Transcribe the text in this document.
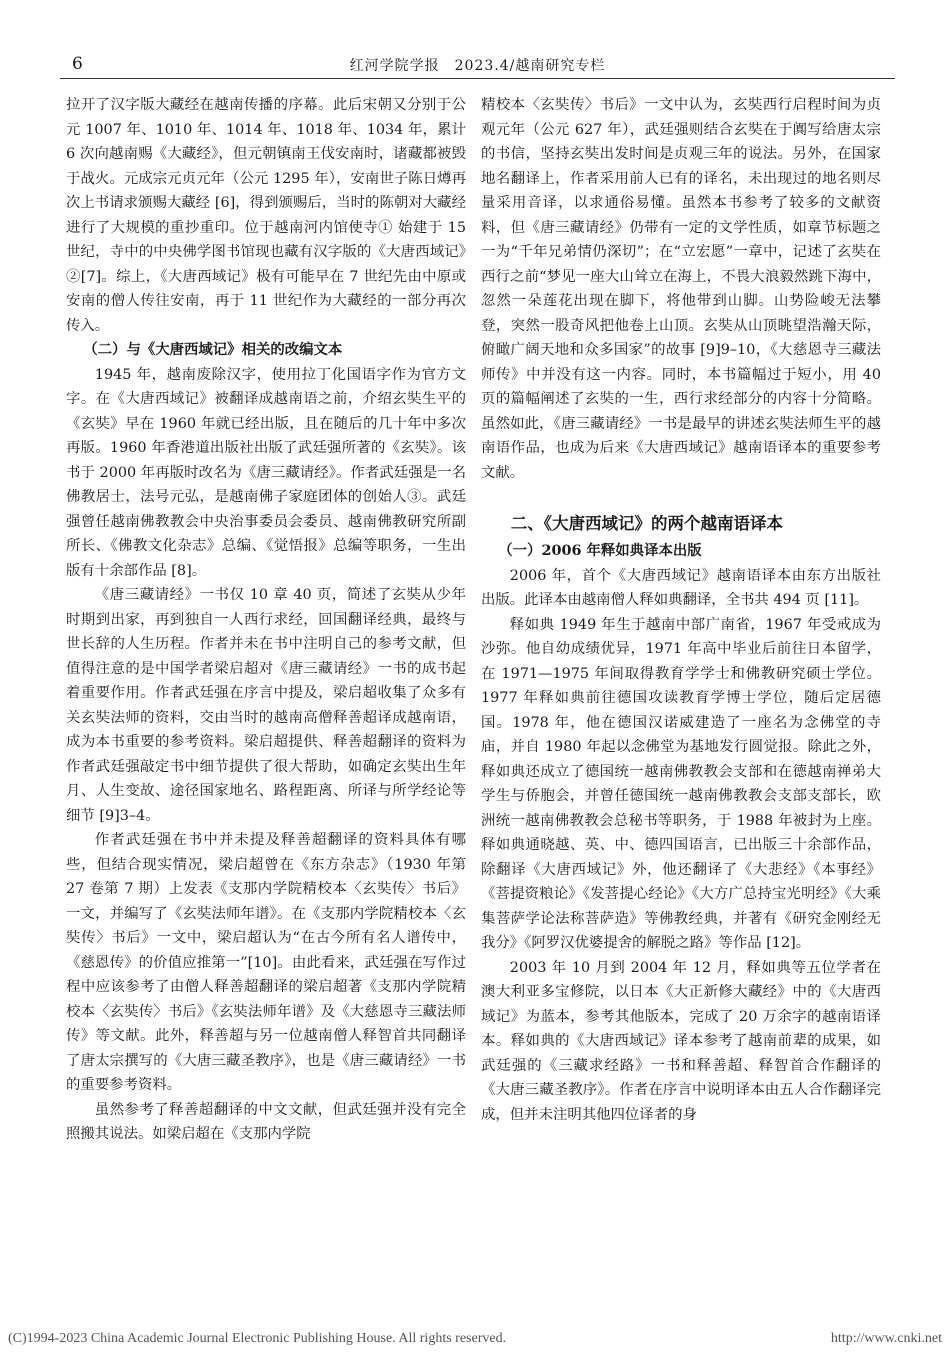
6	红河学院学报　2023.4/越南研究专栏

拉开了汉字版大藏经在越南传播的序幕。此后宋朝又分别于公元 1007 年、1010 年、1014 年、1018 年、1034 年，累计 6 次向越南赐《大藏经》，但元朝镇南王伐安南时，诸藏都被毁于战火。元成宗元贞元年（公元 1295 年），安南世子陈日燇再次上书请求颁赐大藏经 [6]，得到颁赐后，当时的陈朝对大藏经进行了大规模的重抄重印。位于越南河内馆使寺① 始建于 15 世纪，寺中的中央佛学图书馆现也藏有汉字版的《大唐西域记》②[7]。综上，《大唐西域记》极有可能早在 7 世纪先由中原或安南的僧人传往安南，再于 11 世纪作为大藏经的一部分再次传入。

（二）与《大唐西域记》相关的改编文本

1945 年，越南废除汉字，使用拉丁化国语字作为官方文字。在《大唐西域记》被翻译成越南语之前，介绍玄奘生平的《玄奘》早在 1960 年就已经出版，且在随后的几十年中多次再版。1960 年香港道出版社出版了武廷强所著的《玄奘》。该书于 2000 年再版时改名为《唐三藏请经》。作者武廷强是一名佛教居士，法号元弘，是越南佛子家庭团体的创始人③。武廷强曾任越南佛教教会中央治事委员会委员、越南佛教研究所副所长、《佛教文化杂志》总编、《觉悟报》总编等职务，一生出版有十余部作品 [8]。

《唐三藏请经》一书仅 10 章 40 页，简述了玄奘从少年时期到出家，再到独自一人西行求经，回国翻译经典，最终与世长辞的人生历程。作者并未在书中注明自己的参考文献，但值得注意的是中国学者梁启超对《唐三藏请经》一书的成书起着重要作用。作者武廷强在序言中提及，梁启超收集了众多有关玄奘法师的资料，交由当时的越南高僧释善超译成越南语，成为本书重要的参考资料。梁启超提供、释善超翻译的资料为作者武廷强敲定书中细节提供了很大帮助，如确定玄奘出生年月、人生变故、途径国家地名、路程距离、所译与所学经论等细节 [9]3–4。

作者武廷强在书中并未提及释善超翻译的资料具体有哪些，但结合现实情况，梁启超曾在《东方杂志》（1930 年第 27 卷第 7 期）上发表《支那内学院精校本〈玄奘传〉书后》一文，并编写了《玄奘法师年谱》。在《支那内学院精校本〈玄奘传〉书后》一文中，梁启超认为“在古今所有名人谱传中，《慈恩传》的价值应推第一”[10]。由此看来，武廷强在写作过程中应该参考了由僧人释善超翻译的梁启超著《支那内学院精校本〈玄奘传〉书后》《玄奘法师年谱》及《大慈恩寺三藏法师传》等文献。此外，释善超与另一位越南僧人释智首共同翻译了唐太宗撰写的《大唐三藏圣教序》，也是《唐三藏请经》一书的重要参考资料。

虽然参考了释善超翻译的中文文献，但武廷强并没有完全照搬其说法。如梁启超在《支那内学院

精校本〈玄奘传〉书后》一文中认为，玄奘西行启程时间为贞观元年（公元 627 年），武廷强则结合玄奘在于阗写给唐太宗的书信，坚持玄奘出发时间是贞观三年的说法。另外，在国家地名翻译上，作者采用前人已有的译名，未出现过的地名则尽量采用音译，以求通俗易懂。虽然本书参考了较多的文献资料，但《唐三藏请经》仍带有一定的文学性质，如章节标题之一为“千年兄弟情仍深切”；在“立宏愿”一章中，记述了玄奘在西行之前“梦见一座大山耸立在海上，不畏大浪毅然跳下海中，忽然一朵莲花出现在脚下，将他带到山脚。山势险峻无法攀登，突然一股奇风把他卷上山顶。玄奘从山顶眺望浩瀚天际，俯瞰广阔天地和众多国家”的故事 [9]9–10，《大慈恩寺三藏法师传》中并没有这一内容。同时，本书篇幅过于短小，用 40 页的篇幅阐述了玄奘的一生，西行求经部分的内容十分简略。虽然如此，《唐三藏请经》一书是最早的讲述玄奘法师生平的越南语作品，也成为后来《大唐西域记》越南语译本的重要参考文献。

二、《大唐西域记》的两个越南语译本
（一）2006 年释如典译本出版

2006 年，首个《大唐西域记》越南语译本由东方出版社出版。此译本由越南僧人释如典翻译，全书共 494 页 [11]。

释如典 1949 年生于越南中部广南省，1967 年受戒成为沙弥。他自幼成绩优异，1971 年高中毕业后前往日本留学，在 1971—1975 年间取得教育学学士和佛教研究硕士学位。1977 年释如典前往德国攻读教育学博士学位，随后定居德国。1978 年，他在德国汉诺威建造了一座名为念佛堂的寺庙，并自 1980 年起以念佛堂为基地发行圆觉报。除此之外，释如典还成立了德国统一越南佛教教会支部和在德越南禅弟大学生与侨胞会，并曾任德国统一越南佛教教会支部支部长，欧洲统一越南佛教教会总秘书等职务，于 1988 年被封为上座。释如典通晓越、英、中、德四国语言，已出版三十余部作品，除翻译《大唐西域记》外，他还翻译了《大悲经》《本事经》《菩提资粮论》《发菩提心经论》《大方广总持宝光明经》《大乘集菩萨学论法称菩萨造》等佛教经典，并著有《研究金刚经无我分》《阿罗汉优婆提舍的解脱之路》等作品 [12]。

2003 年 10 月到 2004 年 12 月，释如典等五位学者在澳大利亚多宝修院，以日本《大正新修大藏经》中的《大唐西域记》为蓝本，参考其他版本，完成了 20 万余字的越南语译本。释如典的《大唐西域记》译本参考了越南前辈的成果，如武廷强的《三藏求经路》一书和释善超、释智首合作翻译的《大唐三藏圣教序》。作者在序言中说明译本由五人合作翻译完成，但并未注明其他四位译者的身

(C)1994-2023 China Academic Journal Electronic Publishing House. All rights reserved.	http://www.cnki.net
